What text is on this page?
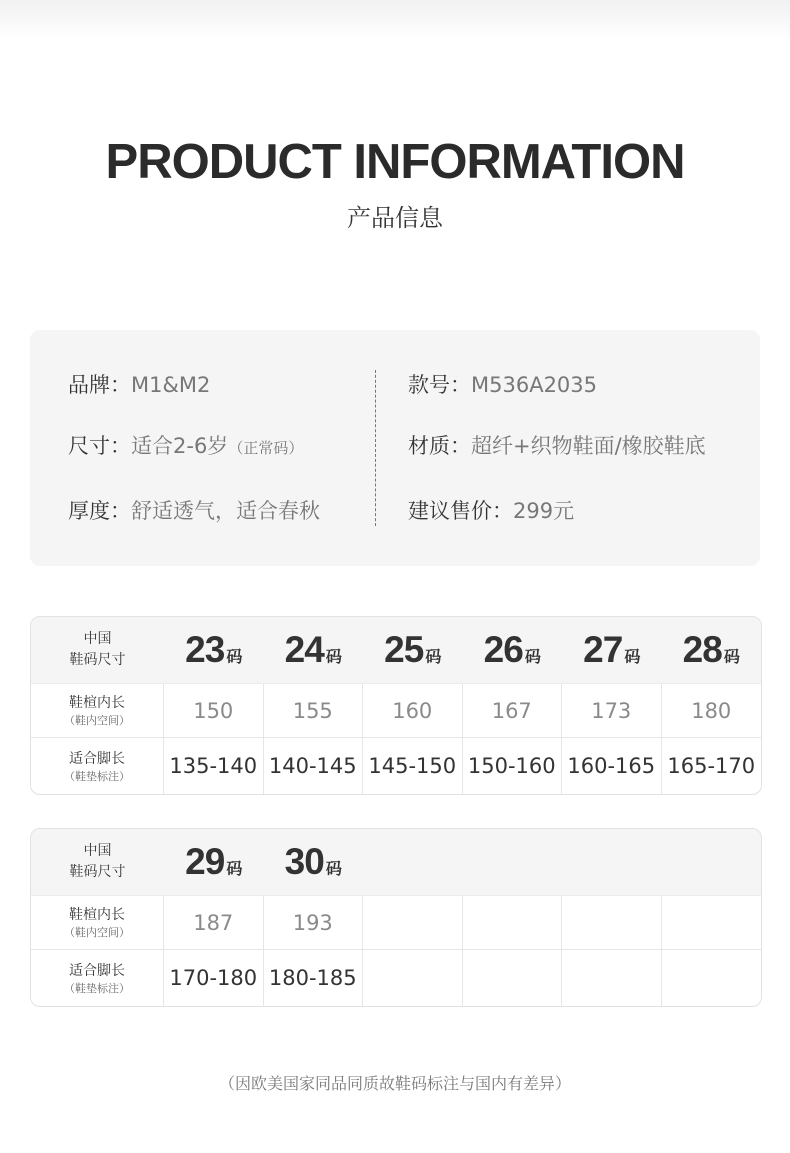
PRODUCT INFORMATION
产品信息
品牌：M1&M2
尺寸：适合2-6岁（正常码）
厚度：舒适透气，适合春秋
款号：M536A2035
材质：超纤+织物鞋面/橡胶鞋底
建议售价：299元
中国
鞋码尺寸 23 码 24 码 25 码 26 码 27 码 28 码
鞋楦内长
（鞋内空间）	150	155	160	167	173	180
适合脚长
（鞋垫标注） 135-140 140-145 145-150 150-160 160-165 165-170
中国
鞋码尺寸 29 码 30 码
鞋楦内长
（鞋内空间）	187	193
适合脚长
（鞋垫标注） 170-180 180-185
（因欧美国家同品同质故鞋码标注与国内有差异）
